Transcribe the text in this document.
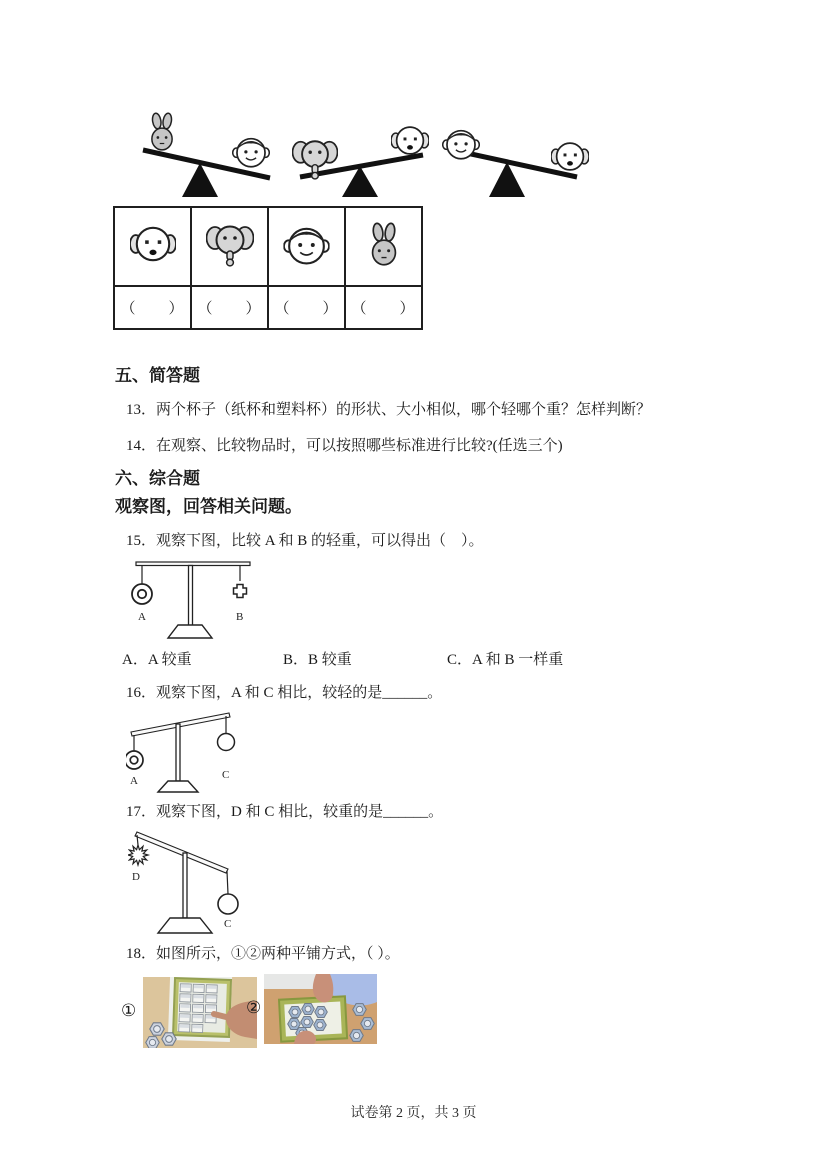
（　　）	（　　）	（　　）	（　　）
五、简答题
13．两个杯子（纸杯和塑料杯）的形状、大小相似，哪个轻哪个重？怎样判断？
14．在观察、比较物品时，可以按照哪些标准进行比较?(任选三个)
六、综合题
观察图，回答相关问题。
15．观察下图，比较 A 和 B 的轻重，可以得出（　）。
A	B
A．A 较重	B．B 较重	C．A 和 B 一样重
16．观察下图，A 和 C 相比，较轻的是______。
A	C
17．观察下图，D 和 C 相比，较重的是______。
D
C
18．如图所示，①②两种平铺方式，（ ）。
①	②
试卷第 2 页，共 3 页
